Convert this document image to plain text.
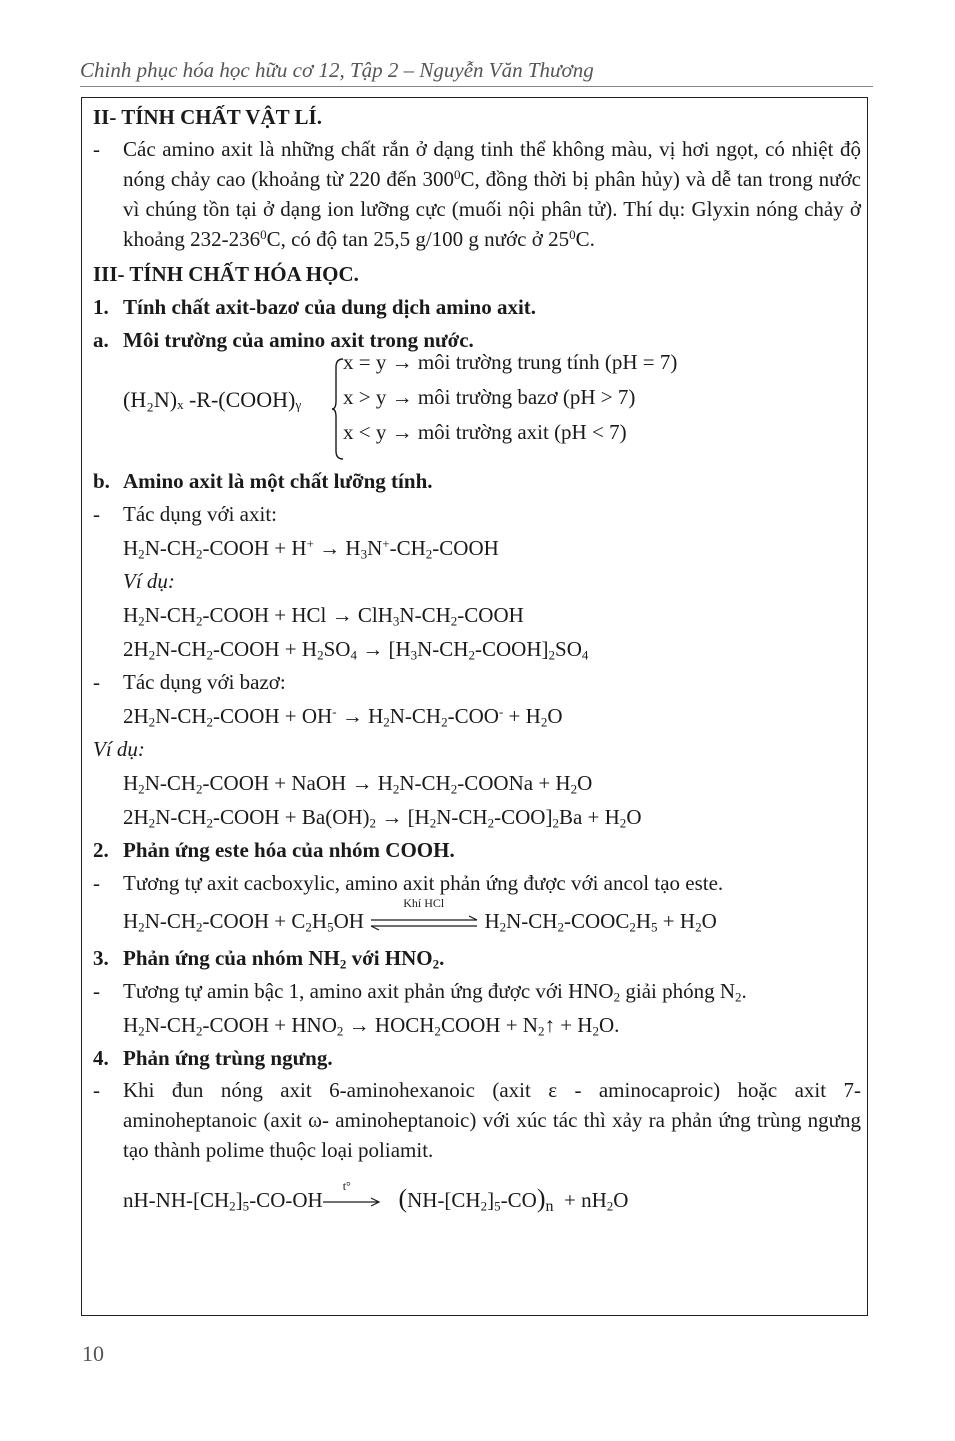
Chinh phục hóa học hữu cơ 12, Tập 2 – Nguyễn Văn Thương
II- TÍNH CHẤT VẬT LÍ.
-	Các amino axit là những chất rắn ở dạng tinh thể không màu, vị hơi ngọt, có nhiệt độ nóng chảy cao (khoảng từ 220 đến $300^0C$, đồng thời bị phân hủy) và dễ tan trong nước vì chúng tồn tại ở dạng ion lưỡng cực (muối nội phân tử). Thí dụ: Glyxin nóng chảy ở khoảng $232-236^0C$, có độ tan 25,5 g/100 g nước ở $25^0C$.
III- TÍNH CHẤT HÓA HỌC.
1. Tính chất axit-bazơ của dung dịch amino axit.
a. Môi trường của amino axit trong nước.
(H₂N)ₓ -R-(COOH)ᵧ
x = y → môi trường trung tính (pH = 7)
x > y → môi trường bazơ (pH > 7)
x < y → môi trường axit (pH < 7)
b. Amino axit là một chất lưỡng tính.
-	Tác dụng với axit:
$H_2N-CH_2$-COOH + $H^+ \to H_3N^+-CH_2$-COOH
Ví dụ:
$H_2N-CH_2$-COOH + HCl → $ClH_3N-CH_2$-COOH
$2H_2N-CH_2$-COOH + $H_2SO_4$ → $[H_3N-CH_2-COOH]_2SO_4$
-	Tác dụng với bazơ:
$2H_2N-CH_2$-COOH + $OH^- \to H_2N-CH_2-COO^- + H_2O$
Ví dụ:
$H_2N-CH_2$-COOH + NaOH → $H_2N-CH_2$-COONa + $H_2O$
$2H_2N-CH_2$-COOH + $Ba(OH)_2 \to [H_2N-CH_2-COO]_2Ba + H_2O$
2. Phản ứng este hóa của nhóm COOH.
-	Tương tự axit cacboxylic, amino axit phản ứng được với ancol tạo este.
$H_2N-CH_2$-COOH + $C_2H_5OH$
Khí HCl
$H_2N-CH_2-COOC_2H_5 + H_2O$
3. Phản ứng của nhóm $NH_2$ với $HNO_2$.
-	Tương tự amin bậc 1, amino axit phản ứng được với $HNO_2$ giải phóng $N_2$.
$H_2N-CH_2$-COOH + $HNO_2$ → $HOCH_2COOH$ + $N_2↑ + H_2O$.
4. Phản ứng trùng ngưng.
-	Khi đun nóng axit 6-aminohexanoic (axit ε - aminocaproic) hoặc axit 7-aminoheptanoic (axit ω- aminoheptanoic) với xúc tác thì xảy ra phản ứng trùng ngưng tạo thành polime thuộc loại poliamit.
$nH-NH-[CH_2]_5-CO-OH$
t° $(NH-[CH_2]_5-CO)_n + nH_2O$
10
